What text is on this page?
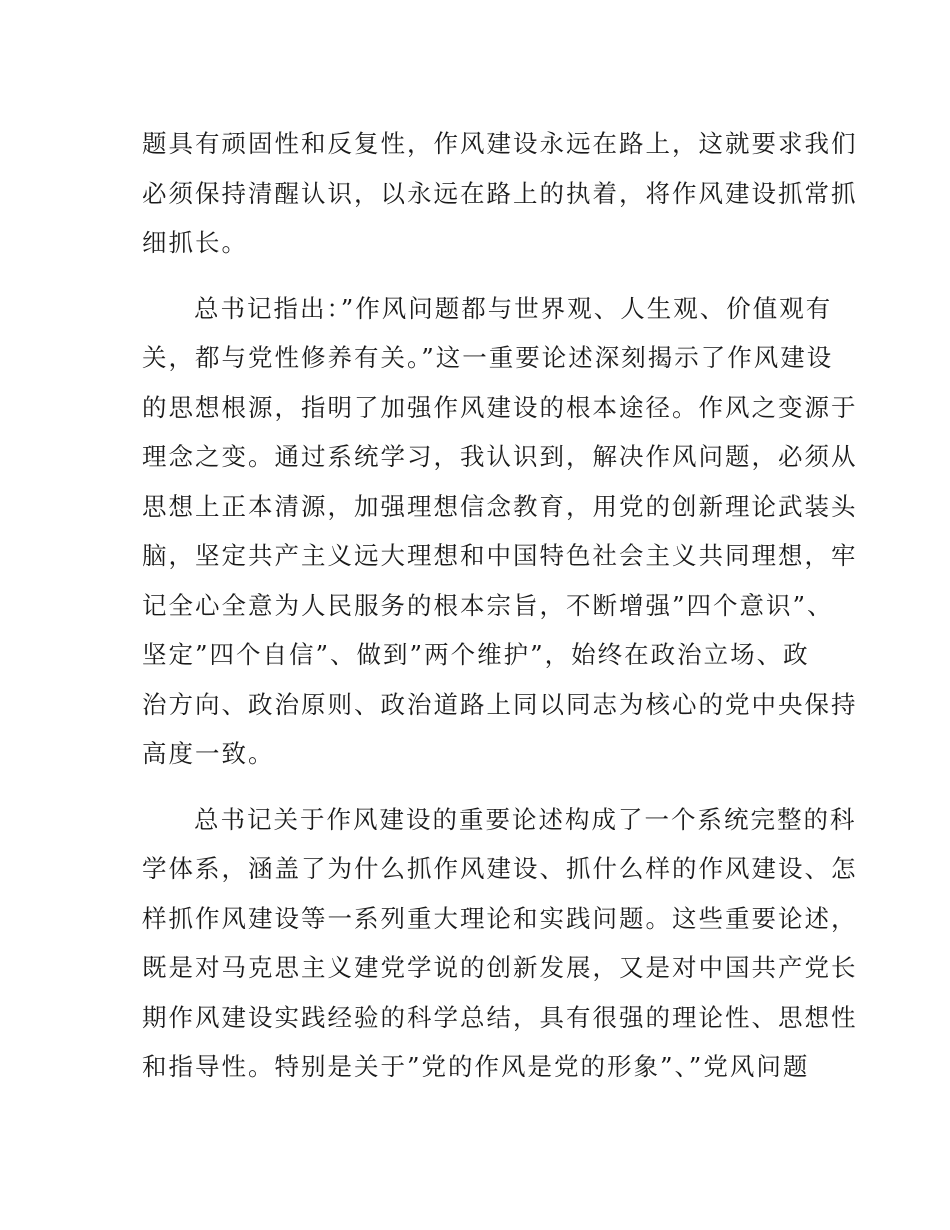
题具有顽固性和反复性，作风建设永远在路上，这就要求我们
必须保持清醒认识，以永远在路上的执着，将作风建设抓常抓
细抓长。
总书记指出：”作风问题都与世界观、人生观、价值观有
关，都与党性修养有关。”这一重要论述深刻揭示了作风建设
的思想根源，指明了加强作风建设的根本途径。作风之变源于
理念之变。通过系统学习，我认识到，解决作风问题，必须从
思想上正本清源，加强理想信念教育，用党的创新理论武装头
脑，坚定共产主义远大理想和中国特色社会主义共同理想，牢
记全心全意为人民服务的根本宗旨，不断增强”四个意识”、
坚定”四个自信”、做到”两个维护”，始终在政治立场、政
治方向、政治原则、政治道路上同以同志为核心的党中央保持
高度一致。
总书记关于作风建设的重要论述构成了一个系统完整的科
学体系，涵盖了为什么抓作风建设、抓什么样的作风建设、怎
样抓作风建设等一系列重大理论和实践问题。这些重要论述，
既是对马克思主义建党学说的创新发展，又是对中国共产党长
期作风建设实践经验的科学总结，具有很强的理论性、思想性
和指导性。特别是关于”党的作风是党的形象”、”党风问题
